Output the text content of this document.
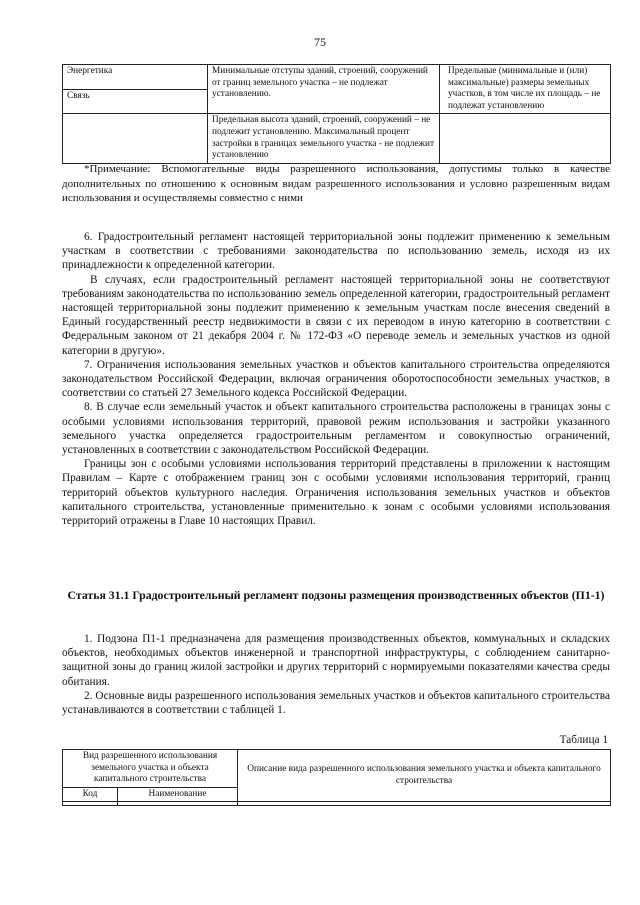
75
Энергетика	Минимальные отступы зданий, строений, сооружений от границ земельного участка – не подлежат установлению.	Предельные (минимальные и (или) максимальные) размеры земельных участков, в том числе их площадь – не подлежат установлению
Связь		
	Предельная высота зданий, строений, сооружений – не подлежит установлению. Максимальный процент застройки в границах земельного участка - не подлежит установлению	

*Примечание: Вспомогательные виды разрешенного использования, допустимы только в качестве дополнительных по отношению к основным видам разрешенного использования и условно разрешенным видам использования и осуществляемы совместно с ними

6. Градостроительный регламент настоящей территориальной зоны подлежит применению к земельным участкам в соответствии с требованиями законодательства по использованию земель, исходя из их принадлежности к определенной категории.

В случаях, если градостроительный регламент настоящей территориальной зоны не соответствуют требованиям законодательства по использованию земель определенной категории, градостроительный регламент настоящей территориальной зоны подлежит применению к земельным участкам после внесения сведений в Единый государственный реестр недвижимости в связи с их переводом в иную категорию в соответствии с Федеральным законом от 21 декабря 2004 г. № 172-ФЗ «О переводе земель и земельных участков из одной категории в другую».

7. Ограничения использования земельных участков и объектов капитального строительства определяются законодательством Российской Федерации, включая ограничения оборотоспособности земельных участков, в соответствии со статьей 27 Земельного кодекса Российской Федерации.

8. В случае если земельный участок и объект капитального строительства расположены в границах зоны с особыми условиями использования территорий, правовой режим использования и застройки указанного земельного участка определяется градостроительным регламентом и совокупностью ограничений, установленных в соответствии с законодательством Российской Федерации.

Границы зон с особыми условиями использования территорий представлены в приложении к настоящим Правилам – Карте с отображением границ зон с особыми условиями использования территорий, границ территорий объектов культурного наследия. Ограничения использования земельных участков и объектов капитального строительства, установленные применительно к зонам с особыми условиями использования территорий отражены в Главе 10 настоящих Правил.

Статья 31.1 Градостроительный регламент подзоны размещения производственных объектов (П1-1)

1. Подзона П1-1 предназначена для размещения производственных объектов, коммунальных и складских объектов, необходимых объектов инженерной и транспортной инфраструктуры, с соблюдением санитарно-защитной зоны до границ жилой застройки и других территорий с нормируемыми показателями качества среды обитания.

2. Основные виды разрешенного использования земельных участков и объектов капитального строительства устанавливаются в соответствии с таблицей 1.

Таблица 1
Вид разрешенного использования земельного участка и объекта капитального строительства		Описание вида разрешенного использования земельного участка и объекта капитального строительства
Код	Наименование	
